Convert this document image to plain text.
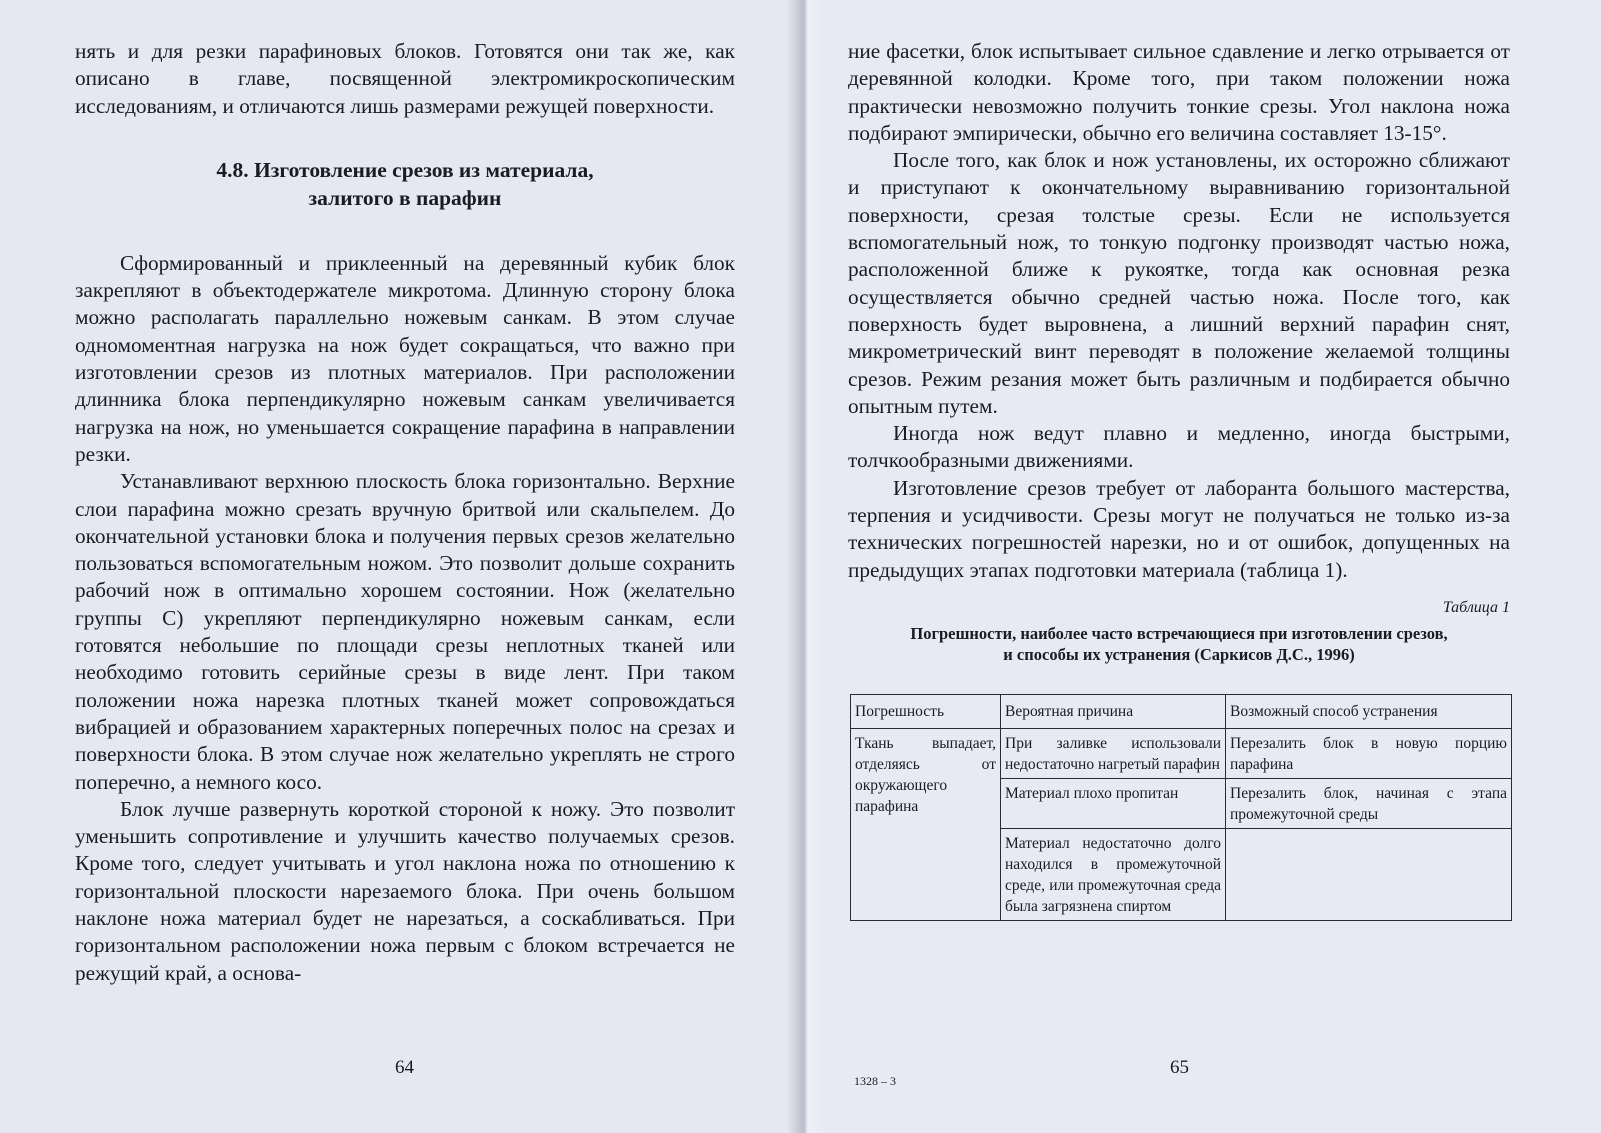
нять и для резки парафиновых блоков. Готовятся они так же, как описано в главе, посвященной электромикроскопическим исследованиям, и отличаются лишь размерами режущей поверхности.

4.8. Изготовление срезов из материала,
залитого в парафин

Сформированный и приклеенный на деревянный кубик блок закрепляют в объектодержателе микротома. Длинную сторону блока можно располагать параллельно ножевым санкам. В этом случае одномоментная нагрузка на нож будет сокращаться, что важно при изготовлении срезов из плотных материалов. При расположении длинника блока перпендикулярно ножевым санкам увеличивается нагрузка на нож, но уменьшается сокращение парафина в направлении резки.

Устанавливают верхнюю плоскость блока горизонтально. Верхние слои парафина можно срезать вручную бритвой или скальпелем. До окончательной установки блока и получения первых срезов желательно пользоваться вспомогательным ножом. Это позволит дольше сохранить рабочий нож в оптимально хорошем состоянии. Нож (желательно группы С) укрепляют перпендикулярно ножевым санкам, если готовятся небольшие по площади срезы неплотных тканей или необходимо готовить серийные срезы в виде лент. При таком положении ножа нарезка плотных тканей может сопровождаться вибрацией и образованием характерных поперечных полос на срезах и поверхности блока. В этом случае нож желательно укреплять не строго поперечно, а немного косо.

Блок лучше развернуть короткой стороной к ножу. Это позволит уменьшить сопротивление и улучшить качество получаемых срезов. Кроме того, следует учитывать и угол наклона ножа по отношению к горизонтальной плоскости нарезаемого блока. При очень большом наклоне ножа материал будет не нарезаться, а соскабливаться. При горизонтальном расположении ножа первым с блоком встречается не режущий край, а основа-

64

ние фасетки, блок испытывает сильное сдавление и легко отрывается от деревянной колодки. Кроме того, при таком положении ножа практически невозможно получить тонкие срезы. Угол наклона ножа подбирают эмпирически, обычно его величина составляет 13-15°.

После того, как блок и нож установлены, их осторожно сближают и приступают к окончательному выравниванию горизонтальной поверхности, срезая толстые срезы. Если не используется вспомогательный нож, то тонкую подгонку производят частью ножа, расположенной ближе к рукоятке, тогда как основная резка осуществляется обычно средней частью ножа. После того, как поверхность будет выровнена, а лишний верхний парафин снят, микрометрический винт переводят в положение желаемой толщины срезов. Режим резания может быть различным и подбирается обычно опытным путем.

Иногда нож ведут плавно и медленно, иногда быстрыми, толчкообразными движениями.

Изготовление срезов требует от лаборанта большого мастерства, терпения и усидчивости. Срезы могут не получаться не только из-за технических погрешностей нарезки, но и от ошибок, допущенных на предыдущих этапах подготовки материала (таблица 1).

Таблица 1
Погрешности, наиболее часто встречающиеся при изготовлении срезов,
и способы их устранения (Саркисов Д.С., 1996)
Погрешность	Вероятная причина	Возможный способ устранения
Ткань выпадает, отделяясь от окружающего парафина	При заливке использовали недостаточно нагретый парафин	Перезалить блок в новую порцию парафина
	Материал плохо пропитан	Перезалить блок, начиная с этапа промежуточной среды
	Материал недостаточно долго находился в промежуточной среде, или промежуточная среда была загрязнена спиртом	
1328 – 3
65
